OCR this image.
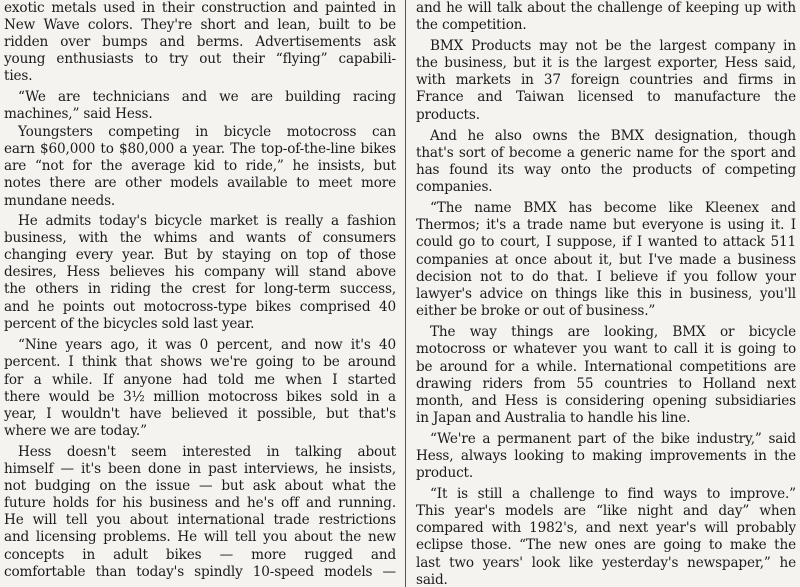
exotic metals used in their construction and painted in
New Wave colors. They're short and lean, built to be
ridden over bumps and berms. Advertisements ask
young enthusiasts to try out their “flying” capabili-
ties.
“We are technicians and we are building racing
machines,” said Hess.
Youngsters competing in bicycle motocross can
earn $60,000 to $80,000 a year. The top-of-the-line bikes
are “not for the average kid to ride,” he insists, but
notes there are other models available to meet more
mundane needs.
He admits today's bicycle market is really a fashion
business, with the whims and wants of consumers
changing every year. But by staying on top of those
desires, Hess believes his company will stand above
the others in riding the crest for long-term success,
and he points out motocross-type bikes comprised 40
percent of the bicycles sold last year.
“Nine years ago, it was 0 percent, and now it's 40
percent. I think that shows we're going to be around
for a while. If anyone had told me when I started
there would be 3½ million motocross bikes sold in a
year, I wouldn't have believed it possible, but that's
where we are today.”
Hess doesn't seem interested in talking about
himself — it's been done in past interviews, he insists,
not budging on the issue — but ask about what the
future holds for his business and he's off and running.
He will tell you about international trade restrictions
and licensing problems. He will tell you about the new
concepts in adult bikes — more rugged and
comfortable than today's spindly 10-speed models —
and he will talk about the challenge of keeping up with
the competition.
BMX Products may not be the largest company in
the business, but it is the largest exporter, Hess said,
with markets in 37 foreign countries and firms in
France and Taiwan licensed to manufacture the
products.
And he also owns the BMX designation, though
that's sort of become a generic name for the sport and
has found its way onto the products of competing
companies.
“The name BMX has become like Kleenex and
Thermos; it's a trade name but everyone is using it. I
could go to court, I suppose, if I wanted to attack 511
companies at once about it, but I've made a business
decision not to do that. I believe if you follow your
lawyer's advice on things like this in business, you'll
either be broke or out of business.”
The way things are looking, BMX or bicycle
motocross or whatever you want to call it is going to
be around for a while. International competitions are
drawing riders from 55 countries to Holland next
month, and Hess is considering opening subsidiaries
in Japan and Australia to handle his line.
“We're a permanent part of the bike industry,” said
Hess, always looking to making improvements in the
product.
“It is still a challenge to find ways to improve.”
This year's models are “like night and day” when
compared with 1982's, and next year's will probably
eclipse those. “The new ones are going to make the
last two years' look like yesterday's newspaper,” he
said.
